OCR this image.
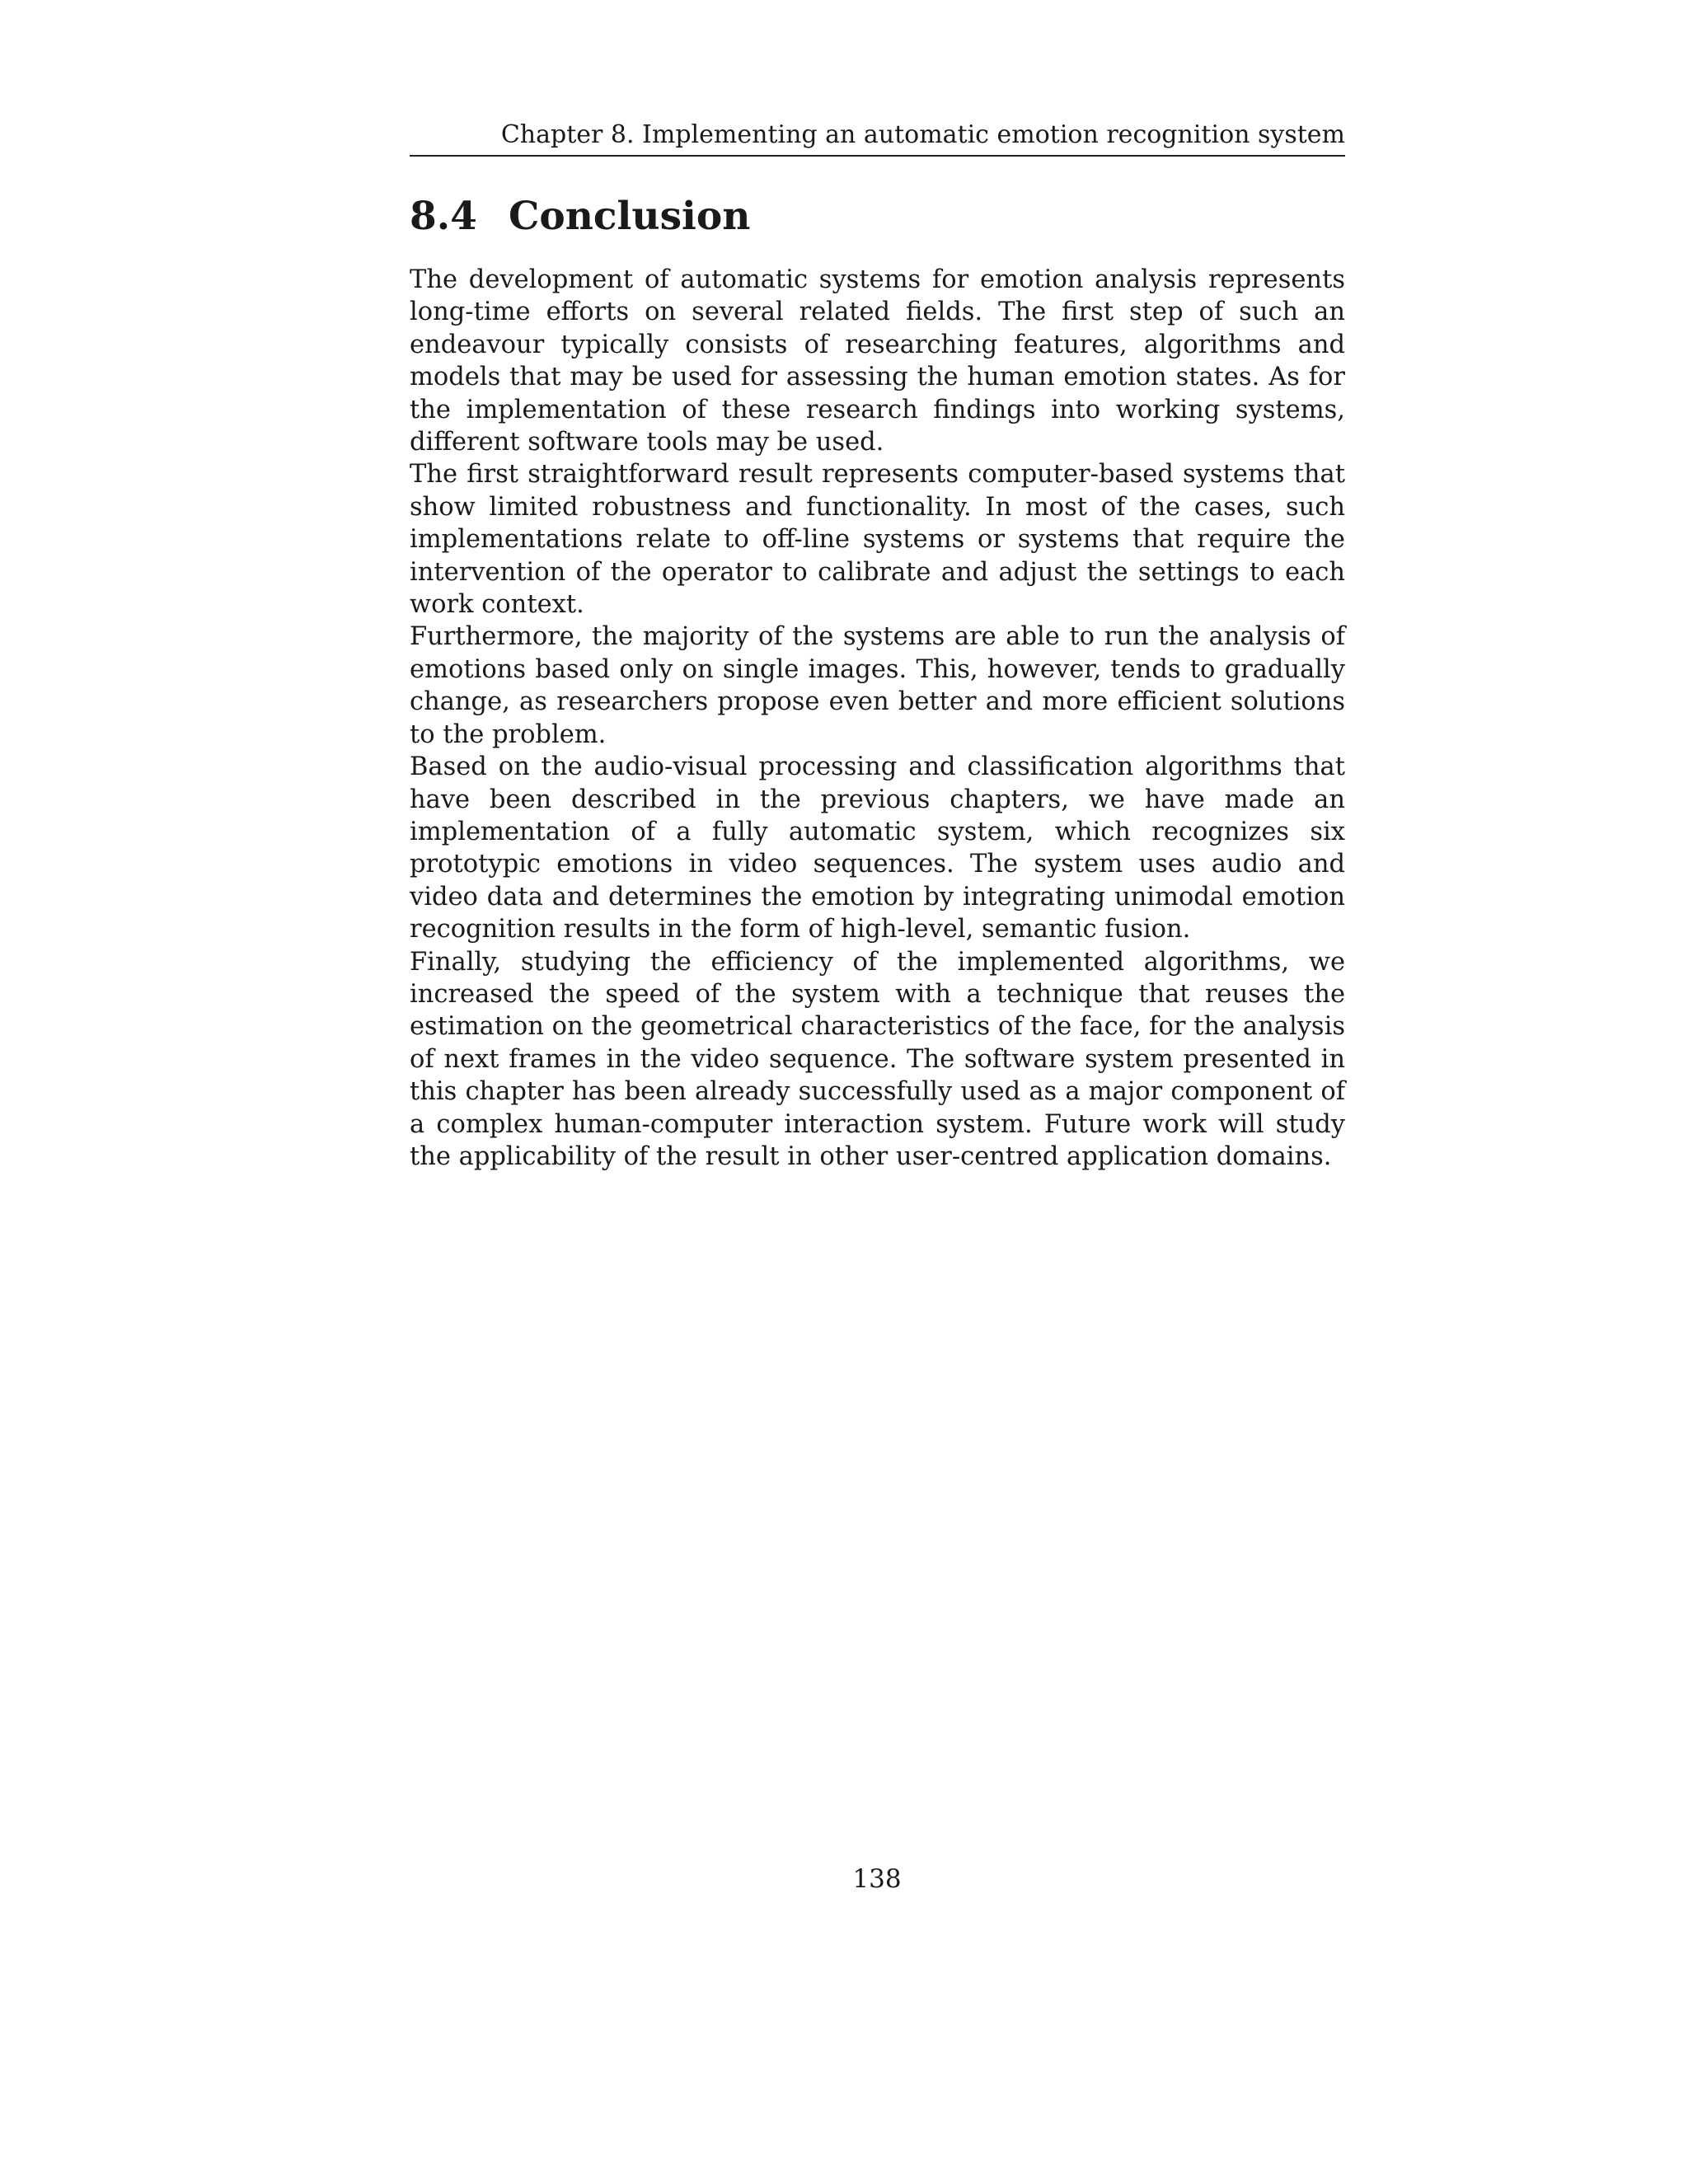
Chapter 8. Implementing an automatic emotion recognition system
8.4 Conclusion

The development of automatic systems for emotion analysis represents long-time efforts on several related fields. The first step of such an endeavour typically consists of researching features, algorithms and models that may be used for assessing the human emotion states. As for the implementation of these research findings into working systems, different software tools may be used.

The first straightforward result represents computer-based systems that show limited robustness and functionality. In most of the cases, such implementations relate to off-line systems or systems that require the intervention of the operator to calibrate and adjust the settings to each work context.

Furthermore, the majority of the systems are able to run the analysis of emotions based only on single images. This, however, tends to gradually change, as researchers propose even better and more efficient solutions to the problem.

Based on the audio-visual processing and classification algorithms that have been described in the previous chapters, we have made an implementation of a fully automatic system, which recognizes six prototypic emotions in video sequences. The system uses audio and video data and determines the emotion by integrating unimodal emotion recognition results in the form of high-level, semantic fusion.

Finally, studying the efficiency of the implemented algorithms, we increased the speed of the system with a technique that reuses the estimation on the geometrical characteristics of the face, for the analysis of next frames in the video sequence. The software system presented in this chapter has been already successfully used as a major component of a complex human-computer interaction system. Future work will study the applicability of the result in other user-centred application domains.

138
